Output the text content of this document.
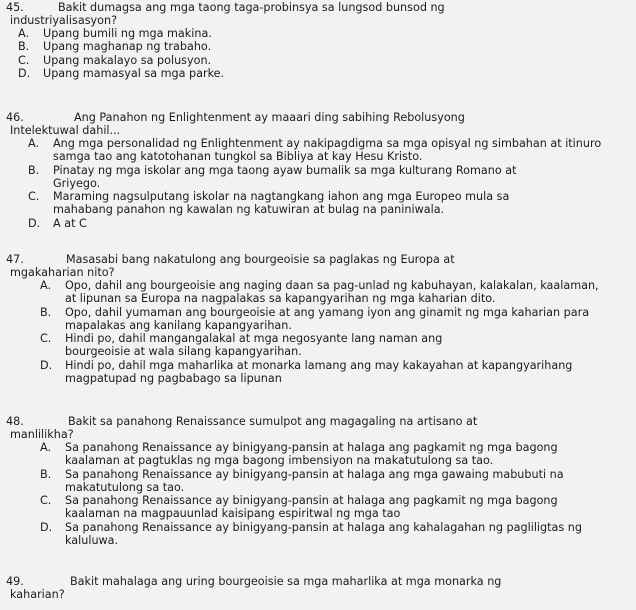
45.	Bakit dumagsa ang mga taong taga-probinsya sa lungsod bunsod ng
industriyalisasyon?
A.	Upang bumili ng mga makina.
B.	Upang maghanap ng trabaho.
C.	Upang makalayo sa polusyon.
D.	Upang mamasyal sa mga parke.
46.	Ang Panahon ng Enlightenment ay maaari ding sabihing Rebolusyong
Intelektuwal dahil...
A.	Ang mga personalidad ng Enlightenment ay nakipagdigma sa mga opisyal ng simbahan at itinuro samga tao ang katotohanan tungkol sa Bibliya at kay Hesu Kristo.
B.	Pinatay ng mga iskolar ang mga taong ayaw bumalik sa mga kulturang Romano at Griyego.
C.	Maraming nagsulputang iskolar na nagtangkang iahon ang mga Europeo mula sa mahabang panahon ng kawalan ng katuwiran at bulag na paniniwala.
D.	A at C
47.	Masasabi bang nakatulong ang bourgeoisie sa paglakas ng Europa at
mgakaharian nito?
A.	Opo, dahil ang bourgeoisie ang naging daan sa pag-unlad ng kabuhayan, kalakalan, kaalaman, at lipunan sa Europa na nagpalakas sa kapangyarihan ng mga kaharian dito.
B.	Opo, dahil yumaman ang bourgeoisie at ang yamang iyon ang ginamit ng mga kaharian para mapalakas ang kanilang kapangyarihan.
C.	Hindi po, dahil mangangalakal at mga negosyante lang naman ang bourgeoisie at wala silang kapangyarihan.
D.	Hindi po, dahil mga maharlika at monarka lamang ang may kakayahan at kapangyarihang magpatupad ng pagbabago sa lipunan
48.	Bakit sa panahong Renaissance sumulpot ang magagaling na artisano at
manlilikha?
A.	Sa panahong Renaissance ay binigyang-pansin at halaga ang pagkamit ng mga bagong kaalaman at pagtuklas ng mga bagong imbensiyon na makatutulong sa tao.
B.	Sa panahong Renaissance ay binigyang-pansin at halaga ang mga gawaing mabubuti na makatutulong sa tao.
C.	Sa panahong Renaissance ay binigyang-pansin at halaga ang pagkamit ng mga bagong kaalaman na magpauunlad kaisipang espiritwal ng mga tao
D.	Sa panahong Renaissance ay binigyang-pansin at halaga ang kahalagahan ng pagliligtas ng kaluluwa.
49.	Bakit mahalaga ang uring bourgeoisie sa mga maharlika at mga monarka ng
kaharian?
